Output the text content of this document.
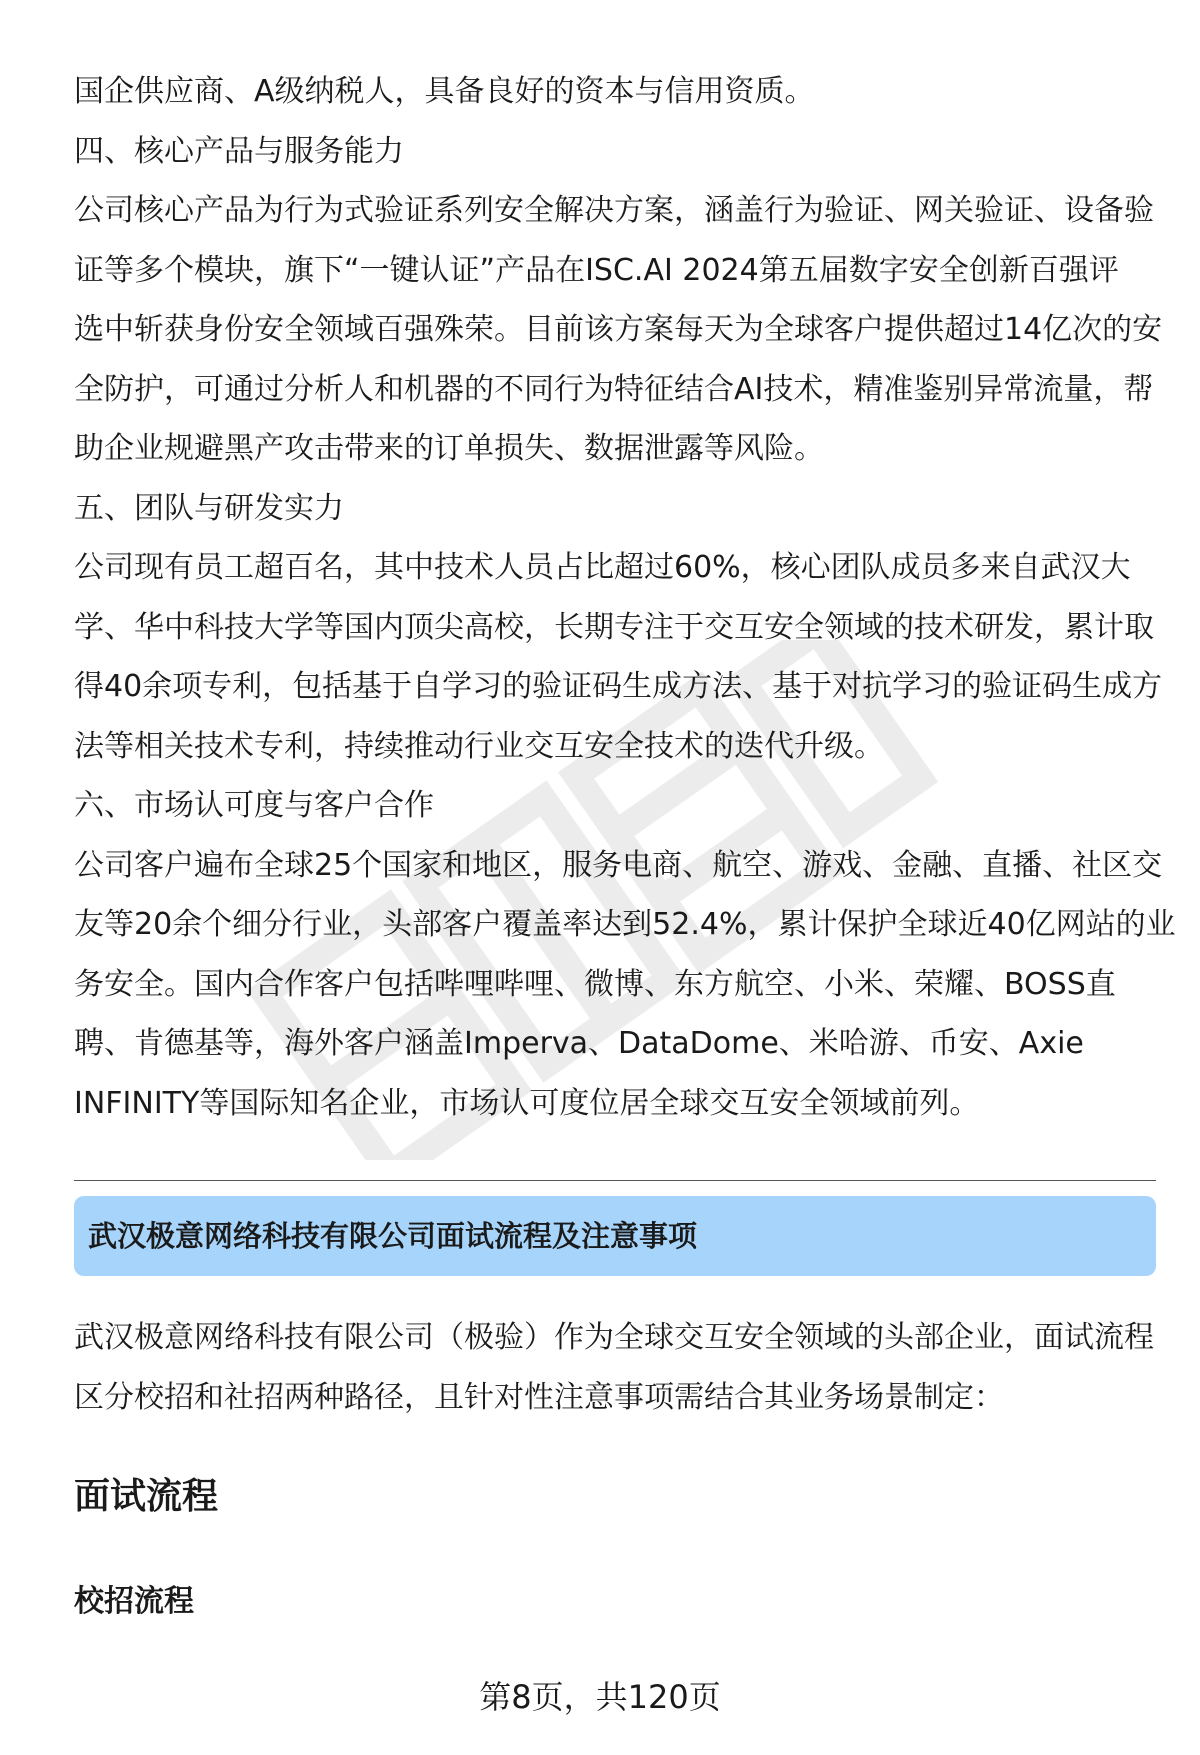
国企供应商、A级纳税人，具备良好的资本与信用资质。

四、核心产品与服务能力

公司核心产品为行为式验证系列安全解决方案，涵盖行为验证、网关验证、设备验

证等多个模块，旗下“一键认证”产品在ISC.AI 2024第五届数字安全创新百强评

选中斩获身份安全领域百强殊荣。目前该方案每天为全球客户提供超过14亿次的安

全防护，可通过分析人和机器的不同行为特征结合AI技术，精准鉴别异常流量，帮

助企业规避黑产攻击带来的订单损失、数据泄露等风险。

五、团队与研发实力

公司现有员工超百名，其中技术人员占比超过60%，核心团队成员多来自武汉大

学、华中科技大学等国内顶尖高校，长期专注于交互安全领域的技术研发，累计取

得40余项专利，包括基于自学习的验证码生成方法、基于对抗学习的验证码生成方

法等相关技术专利，持续推动行业交互安全技术的迭代升级。

六、市场认可度与客户合作

公司客户遍布全球25个国家和地区，服务电商、航空、游戏、金融、直播、社区交

友等20余个细分行业，头部客户覆盖率达到52.4%，累计保护全球近40亿网站的业

务安全。国内合作客户包括哔哩哔哩、微博、东方航空、小米、荣耀、BOSS直

聘、肯德基等，海外客户涵盖Imperva、DataDome、米哈游、币安、Axie

INFINITY等国际知名企业，市场认可度位居全球交互安全领域前列。

武汉极意网络科技有限公司面试流程及注意事项

武汉极意网络科技有限公司（极验）作为全球交互安全领域的头部企业，面试流程

区分校招和社招两种路径，且针对性注意事项需结合其业务场景制定：

面试流程
校招流程
第8页，共120页
